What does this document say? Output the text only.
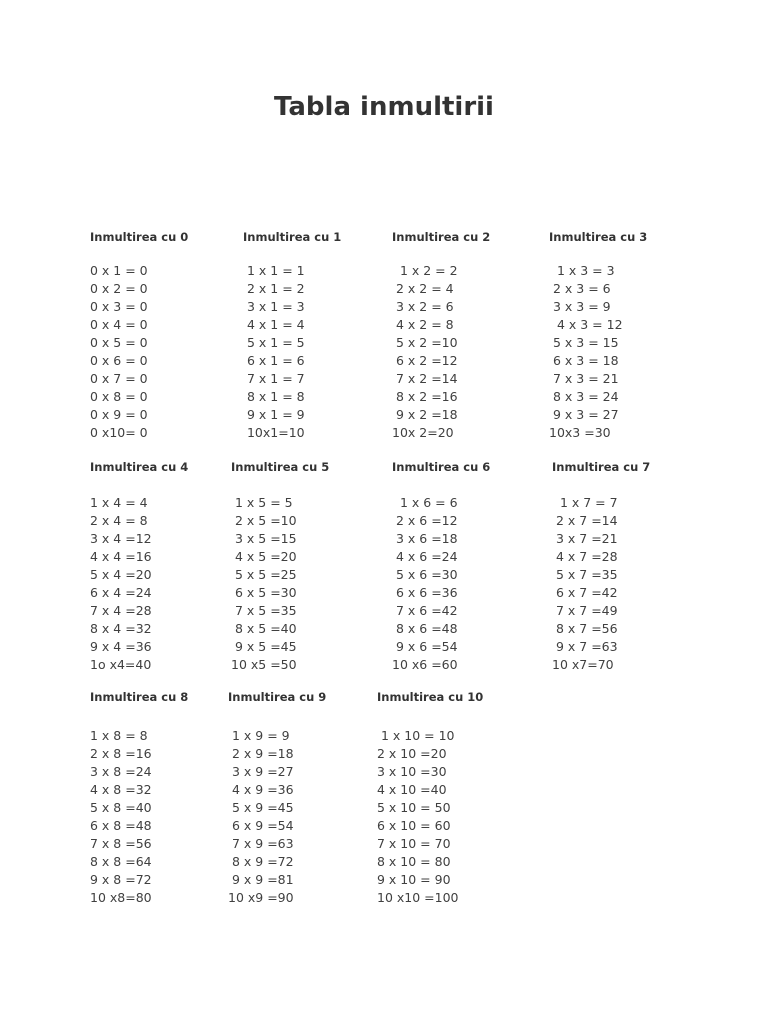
Tabla inmultirii
Inmultirea cu 0
0 x 1 = 0
0 x 2 = 0
0 x 3 = 0
0 x 4 = 0
0 x 5 = 0
0 x 6 = 0
0 x 7 = 0
0 x 8 = 0
0 x 9 = 0
0 x10= 0
Inmultirea cu 1
1 x 1 = 1
2 x 1 = 2
3 x 1 = 3
4 x 1 = 4
5 x 1 = 5
6 x 1 = 6
7 x 1 = 7
8 x 1 = 8
9 x 1 = 9
10x1=10
Inmultirea cu 2
1 x 2 = 2
2 x 2 = 4
3 x 2 = 6
4 x 2 = 8
5 x 2 =10
6 x 2 =12
7 x 2 =14
8 x 2 =16
9 x 2 =18
10x 2=20
Inmultirea cu 3
1 x 3 = 3
2 x 3 = 6
3 x 3 = 9
4 x 3 = 12
5 x 3 = 15
6 x 3 = 18
7 x 3 = 21
8 x 3 = 24
9 x 3 = 27
10x3 =30
Inmultirea cu 4
1 x 4 = 4
2 x 4 = 8
3 x 4 =12
4 x 4 =16
5 x 4 =20
6 x 4 =24
7 x 4 =28
8 x 4 =32
9 x 4 =36
1o x4=40
Inmultirea cu 5
1 x 5 = 5
2 x 5 =10
3 x 5 =15
4 x 5 =20
5 x 5 =25
6 x 5 =30
7 x 5 =35
8 x 5 =40
9 x 5 =45
10 x5 =50
Inmultirea cu 6
1 x 6 = 6
2 x 6 =12
3 x 6 =18
4 x 6 =24
5 x 6 =30
6 x 6 =36
7 x 6 =42
8 x 6 =48
9 x 6 =54
10 x6 =60
Inmultirea cu 7
1 x 7 = 7
2 x 7 =14
3 x 7 =21
4 x 7 =28
5 x 7 =35
6 x 7 =42
7 x 7 =49
8 x 7 =56
9 x 7 =63
10 x7=70
Inmultirea cu 8
1 x 8 = 8
2 x 8 =16
3 x 8 =24
4 x 8 =32
5 x 8 =40
6 x 8 =48
7 x 8 =56
8 x 8 =64
9 x 8 =72
10 x8=80
Inmultirea cu 9
1 x 9 = 9
2 x 9 =18
3 x 9 =27
4 x 9 =36
5 x 9 =45
6 x 9 =54
7 x 9 =63
8 x 9 =72
9 x 9 =81
10 x9 =90
Inmultirea cu 10
1 x 10 = 10
2 x 10 =20
3 x 10 =30
4 x 10 =40
5 x 10 = 50
6 x 10 = 60
7 x 10 = 70
8 x 10 = 80
9 x 10 = 90
10 x10 =100
